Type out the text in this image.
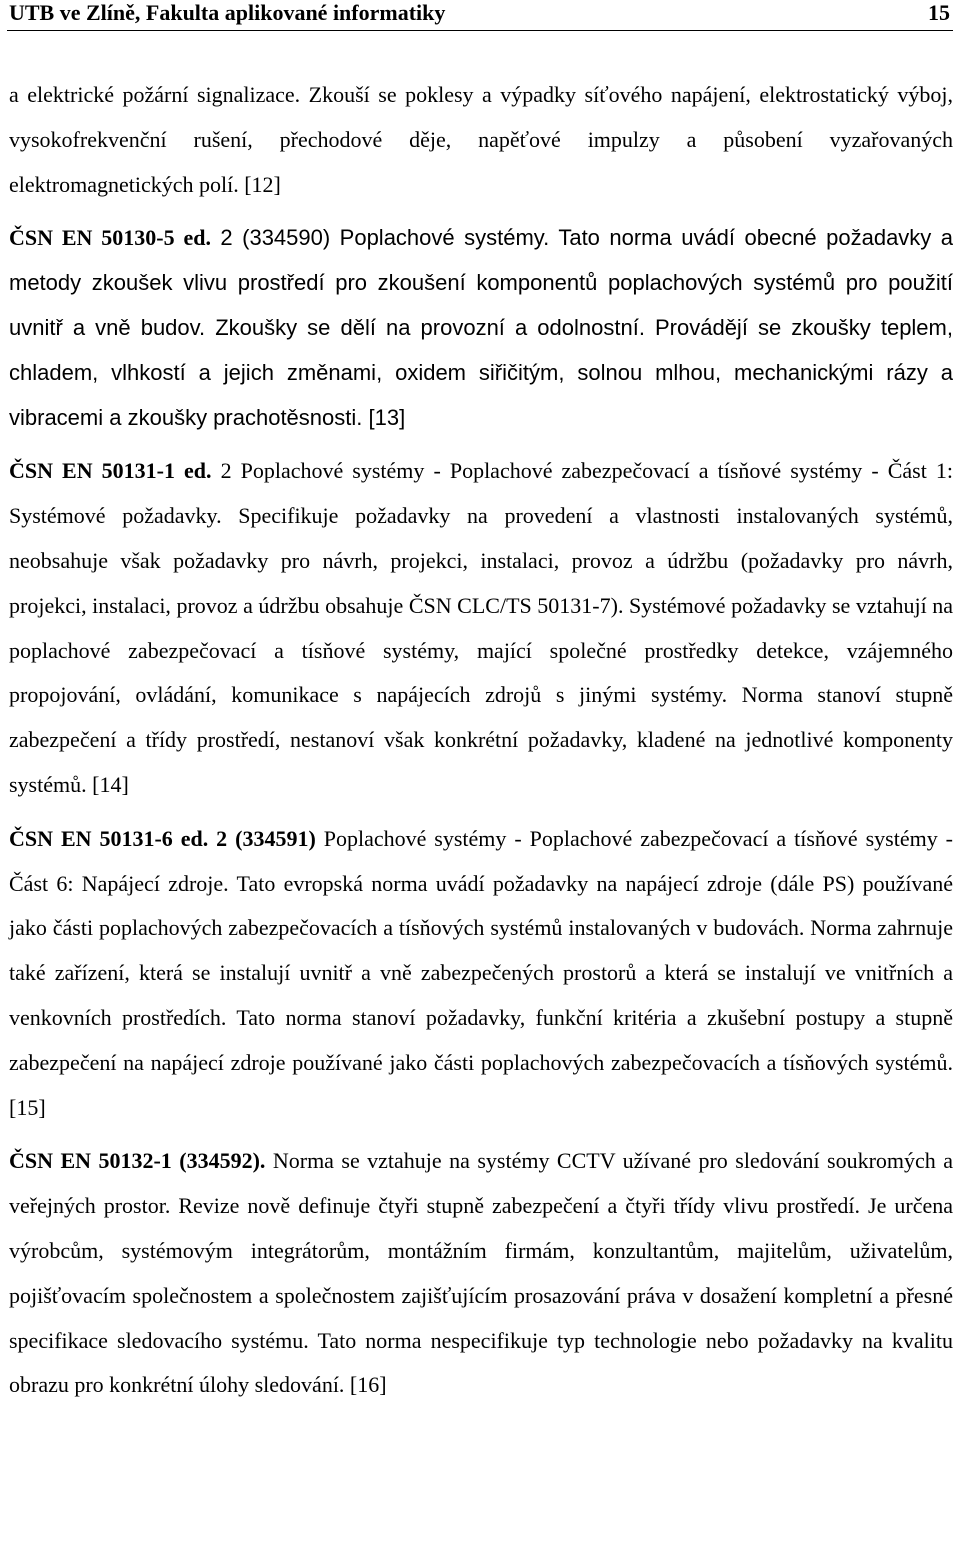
UTB ve Zlíně, Fakulta aplikované informatiky	15

a elektrické požární signalizace. Zkouší se poklesy a výpadky síťového napájení, elektrostatický výboj, vysokofrekvenční rušení, přechodové děje, napěťové impulzy a působení vyzařovaných elektromagnetických polí. [12]

ČSN EN 50130-5 ed. 2 (334590) Poplachové systémy. Tato norma uvádí obecné požadavky a metody zkoušek vlivu prostředí pro zkoušení komponentů poplachových systémů pro použití uvnitř a vně budov. Zkoušky se dělí na provozní a odolnostní. Provádějí se zkoušky teplem, chladem, vlhkostí a jejich změnami, oxidem siřičitým, solnou mlhou, mechanickými rázy a vibracemi a zkoušky prachotěsnosti. [13]

ČSN EN 50131-1 ed. 2 Poplachové systémy - Poplachové zabezpečovací a tísňové systémy - Část 1: Systémové požadavky. Specifikuje požadavky na provedení a vlastnosti instalovaných systémů, neobsahuje však požadavky pro návrh, projekci, instalaci, provoz a údržbu (požadavky pro návrh, projekci, instalaci, provoz a údržbu obsahuje ČSN CLC/TS 50131-7). Systémové požadavky se vztahují na poplachové zabezpečovací a tísňové systémy, mající společné prostředky detekce, vzájemného propojování, ovládání, komunikace s napájecích zdrojů s jinými systémy. Norma stanoví stupně zabezpečení a třídy prostředí, nestanoví však konkrétní požadavky, kladené na jednotlivé komponenty systémů. [14]

ČSN EN 50131-6 ed. 2 (334591) Poplachové systémy - Poplachové zabezpečovací a tísňové systémy - Část 6: Napájecí zdroje. Tato evropská norma uvádí požadavky na napájecí zdroje (dále PS) používané jako části poplachových zabezpečovacích a tísňových systémů instalovaných v budovách. Norma zahrnuje také zařízení, která se instalují uvnitř a vně zabezpečených prostorů a která se instalují ve vnitřních a venkovních prostředích. Tato norma stanoví požadavky, funkční kritéria a zkušební postupy a stupně zabezpečení na napájecí zdroje používané jako části poplachových zabezpečovacích a tísňových systémů. [15]

ČSN EN 50132-1 (334592). Norma se vztahuje na systémy CCTV užívané pro sledování soukromých a veřejných prostor. Revize nově definuje čtyři stupně zabezpečení a čtyři třídy vlivu prostředí. Je určena výrobcům, systémovým integrátorům, montážním firmám, konzultantům, majitelům, uživatelům, pojišťovacím společnostem a společnostem zajišťujícím prosazování práva v dosažení kompletní a přesné specifikace sledovacího systému. Tato norma nespecifikuje typ technologie nebo požadavky na kvalitu obrazu pro konkrétní úlohy sledování. [16]
